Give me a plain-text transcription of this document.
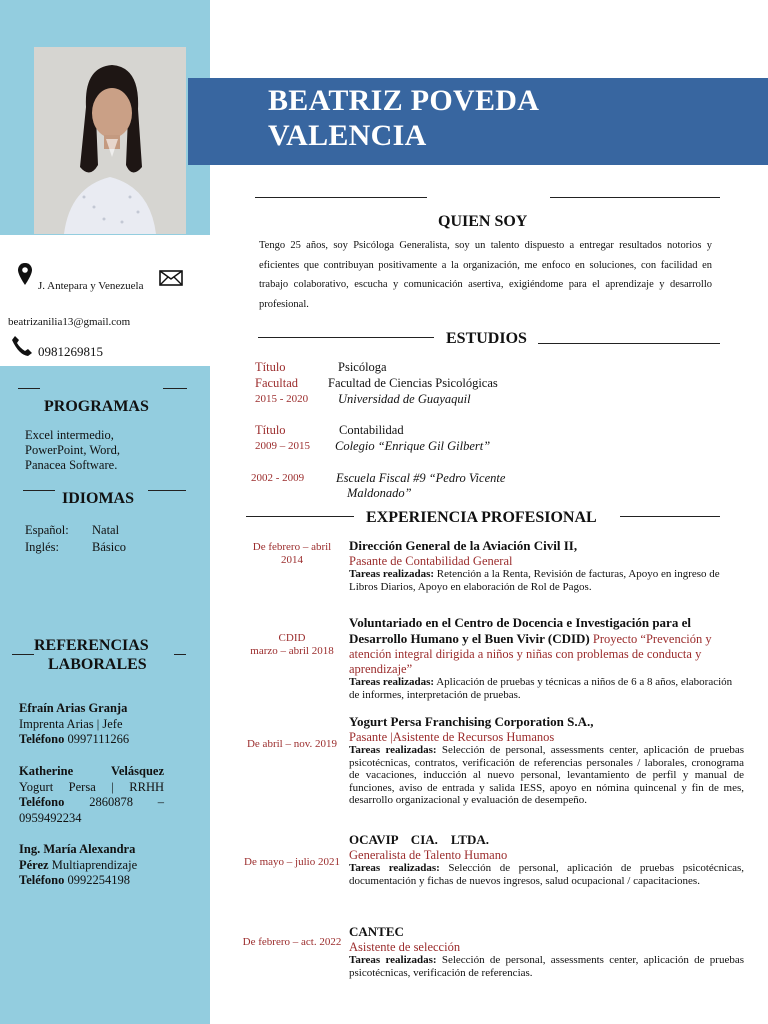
BEATRIZ POVEDA
VALENCIA
J. Antepara y Venezuela
beatrizanilia13@gmail.com
0981269815
PROGRAMAS
Excel intermedio, PowerPoint, Word, Panacea Software.
IDIOMAS
Español: Natal
Inglés:	Básico
REFERENCIAS
LABORALES
Efraín Arias Granja
Imprenta Arias | Jefe
Teléfono 0997111266
Katherine Velásquez
Yogurt Persa | RRHH
Teléfono 2860878 – 0959492234
Ing. María Alexandra Pérez Multiaprendizaje
Teléfono 0992254198
QUIEN SOY
Tengo 25 años, soy Psicóloga Generalista, soy un talento dispuesto a entregar resultados notorios y eficientes que contribuyan positivamente a la organización, me enfoco en soluciones, con facilidad en trabajo colaborativo, escucha y comunicación asertiva, exigiéndome para el aprendizaje y desarrollo profesional.
ESTUDIOS
Título	Psicóloga
Facultad Facultad de Ciencias Psicológicas
2015 - 2020 Universidad de Guayaquil
Título	Contabilidad
2009 – 2015 Colegio “Enrique Gil Gilbert”
2002 - 2009	Escuela Fiscal #9 “Pedro Vicente
Maldonado”
EXPERIENCIA PROFESIONAL
De febrero – abril 2014
Dirección General de la Aviación Civil II,
Pasante de Contabilidad General
Tareas realizadas: Retención a la Renta, Revisión de facturas, Apoyo en ingreso de Libros Diarios, Apoyo en elaboración de Rol de Pagos.
CDID
marzo – abril 2018
Voluntariado en el Centro de Docencia e Investigación para el Desarrollo Humano y el Buen Vivir (CDID) Proyecto “Prevención y atención integral dirigida a niños y niñas con problemas de conducta y aprendizaje”
Tareas realizadas: Aplicación de pruebas y técnicas a niños de 6 a 8 años, elaboración de informes, interpretación de pruebas.
De abril – nov. 2019
Yogurt Persa Franchising Corporation S.A.,
Pasante |Asistente de Recursos Humanos
Tareas realizadas: Selección de personal, assessments center, aplicación de pruebas psicotécnicas, contratos, verificación de referencias personales / laborales, cronograma de vacaciones, inducción al nuevo personal, levantamiento de perfil y manual de funciones, aviso de entrada y salida IESS, apoyo en nómina quincenal y fin de mes, desarrollo organizacional y evaluación de desempeño.
De mayo – julio 2021
OCAVIP CIA. LTDA.
Generalista de Talento Humano
Tareas realizadas: Selección de personal, aplicación de pruebas psicotécnicas, documentación y fichas de nuevos ingresos, salud ocupacional / capacitaciones.
De febrero – act. 2022
CANTEC
Asistente de selección
Tareas realizadas: Selección de personal, assessments center, aplicación de pruebas psicotécnicas, verificación de referencias.
